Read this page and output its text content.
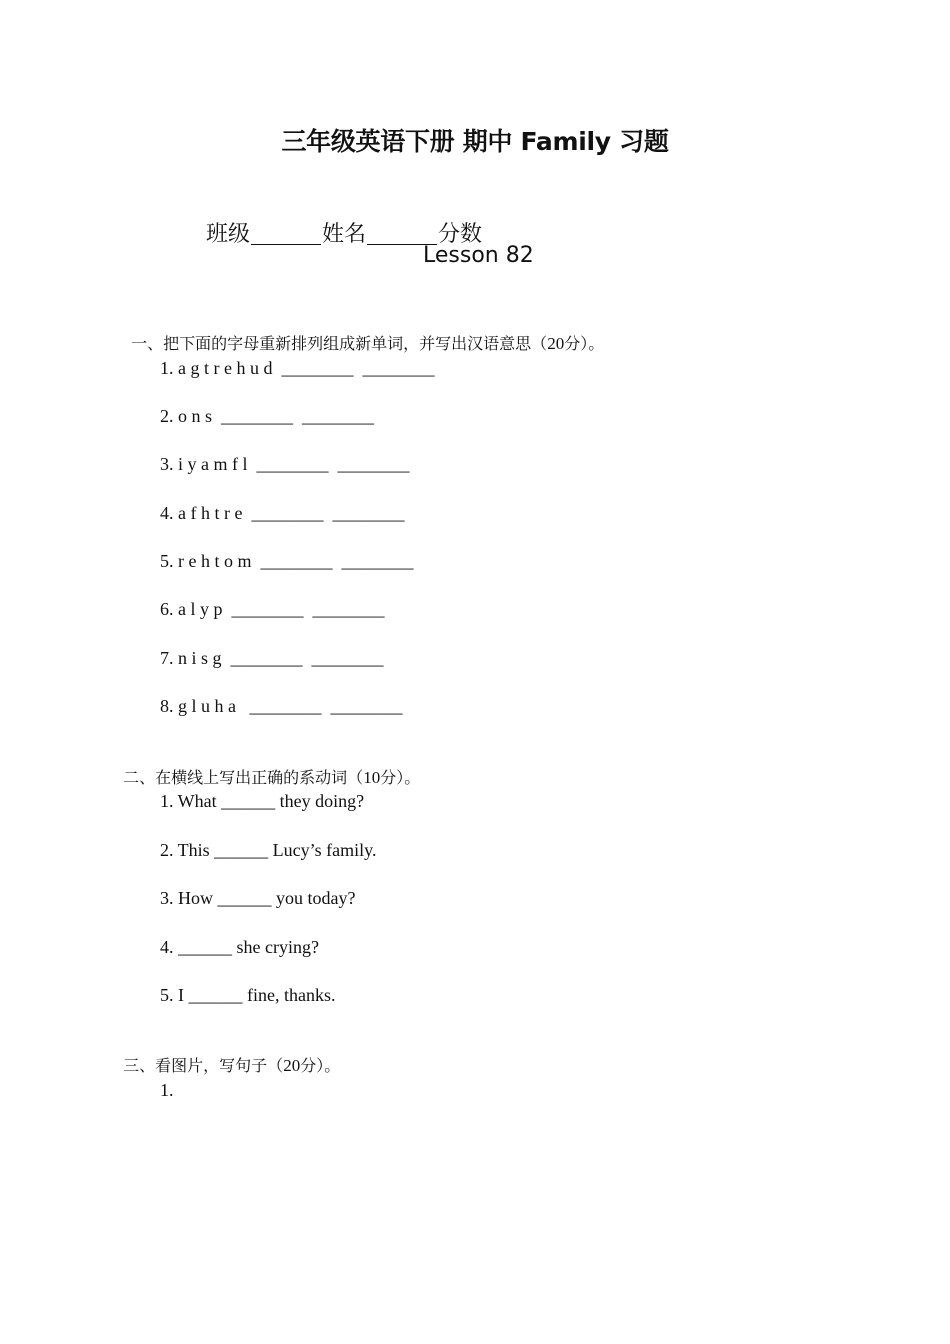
三年级英语下册 期中 Family 习题

班级	姓名	分数

Lesson 82

一、把下面的字母重新排列组成新单词，并写出汉语意思（20分）。

1. a g t r e h u d  ________  ________
2. o n s  ________  ________
3. i y a m f l  ________  ________
4. a f h t r e  ________  ________
5. r e h t o m  ________  ________
6. a l y p  ________  ________
7. n i s g  ________  ________
8. g l u h a   ________  ________

二、在横线上写出正确的系动词（10分）。

1. What ______ they doing?
2. This ______ Lucy’s family.
3. How ______ you today?
4. ______ she crying?
5. I ______ fine, thanks.

三、看图片，写句子（20分）。

1.
